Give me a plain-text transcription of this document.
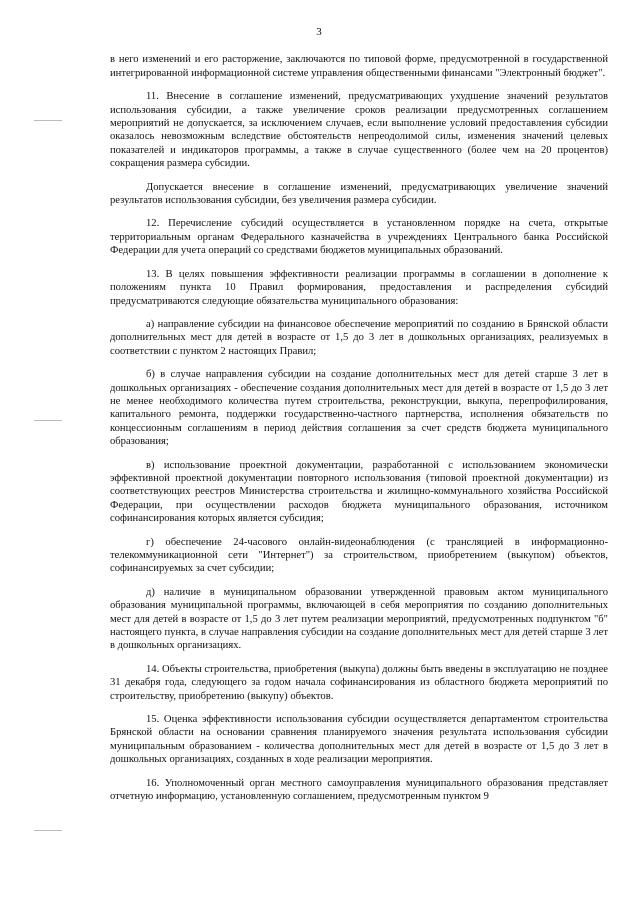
3

в него изменений и его расторжение, заключаются по типовой форме, предусмотренной в государственной интегрированной информационной системе управления общественными финансами "Электронный бюджет".

11. Внесение в соглашение изменений, предусматривающих ухудшение значений результатов использования субсидии, а также увеличение сроков реализации предусмотренных соглашением мероприятий не допускается, за исключением случаев, если выполнение условий предоставления субсидии оказалось невозможным вследствие обстоятельств непреодолимой силы, изменения значений целевых показателей и индикаторов программы, а также в случае существенного (более чем на 20 процентов) сокращения размера субсидии.

Допускается внесение в соглашение изменений, предусматривающих увеличение значений результатов использования субсидии, без увеличения размера субсидии.

12. Перечисление субсидий осуществляется в установленном порядке на счета, открытые территориальным органам Федерального казначейства в учреждениях Центрального банка Российской Федерации для учета операций со средствами бюджетов муниципальных образований.

13. В целях повышения эффективности реализации программы в соглашении в дополнение к положениям пункта 10 Правил формирования, предоставления и распределения субсидий предусматриваются следующие обязательства муниципального образования:

а) направление субсидии на финансовое обеспечение мероприятий по созданию в Брянской области дополнительных мест для детей в возрасте от 1,5 до 3 лет в дошкольных организациях, реализуемых в соответствии с пунктом 2 настоящих Правил;

б) в случае направления субсидии на создание дополнительных мест для детей старше 3 лет в дошкольных организациях - обеспечение создания дополнительных мест для детей в возрасте от 1,5 до 3 лет не менее необходимого количества путем строительства, реконструкции, выкупа, перепрофилирования, капитального ремонта, поддержки государственно-частного партнерства, исполнения обязательств по концессионным соглашениям в период действия соглашения за счет средств бюджета муниципального образования;

в) использование проектной документации, разработанной с использованием экономически эффективной проектной документации повторного использования (типовой проектной документации) из соответствующих реестров Министерства строительства и жилищно-коммунального хозяйства Российской Федерации, при осуществлении расходов бюджета муниципального образования, источником софинансирования которых является субсидия;

г) обеспечение 24-часового онлайн-видеонаблюдения (с трансляцией в информационно-телекоммуникационной сети "Интернет") за строительством, приобретением (выкупом) объектов, софинансируемых за счет субсидии;

д) наличие в муниципальном образовании утвержденной правовым актом муниципального образования муниципальной программы, включающей в себя мероприятия по созданию дополнительных мест для детей в возрасте от 1,5 до 3 лет путем реализации мероприятий, предусмотренных подпунктом "б" настоящего пункта, в случае направления субсидии на создание дополнительных мест для детей старше 3 лет в дошкольных организациях.

14. Объекты строительства, приобретения (выкупа) должны быть введены в эксплуатацию не позднее 31 декабря года, следующего за годом начала софинансирования из областного бюджета мероприятий по строительству, приобретению (выкупу) объектов.

15. Оценка эффективности использования субсидии осуществляется департаментом строительства Брянской области на основании сравнения планируемого значения результата использования субсидии муниципальным образованием - количества дополнительных мест для детей в возрасте от 1,5 до 3 лет в дошкольных организациях, созданных в ходе реализации мероприятия.

16. Уполномоченный орган местного самоуправления муниципального образования представляет отчетную информацию, установленную соглашением, предусмотренным пунктом 9
